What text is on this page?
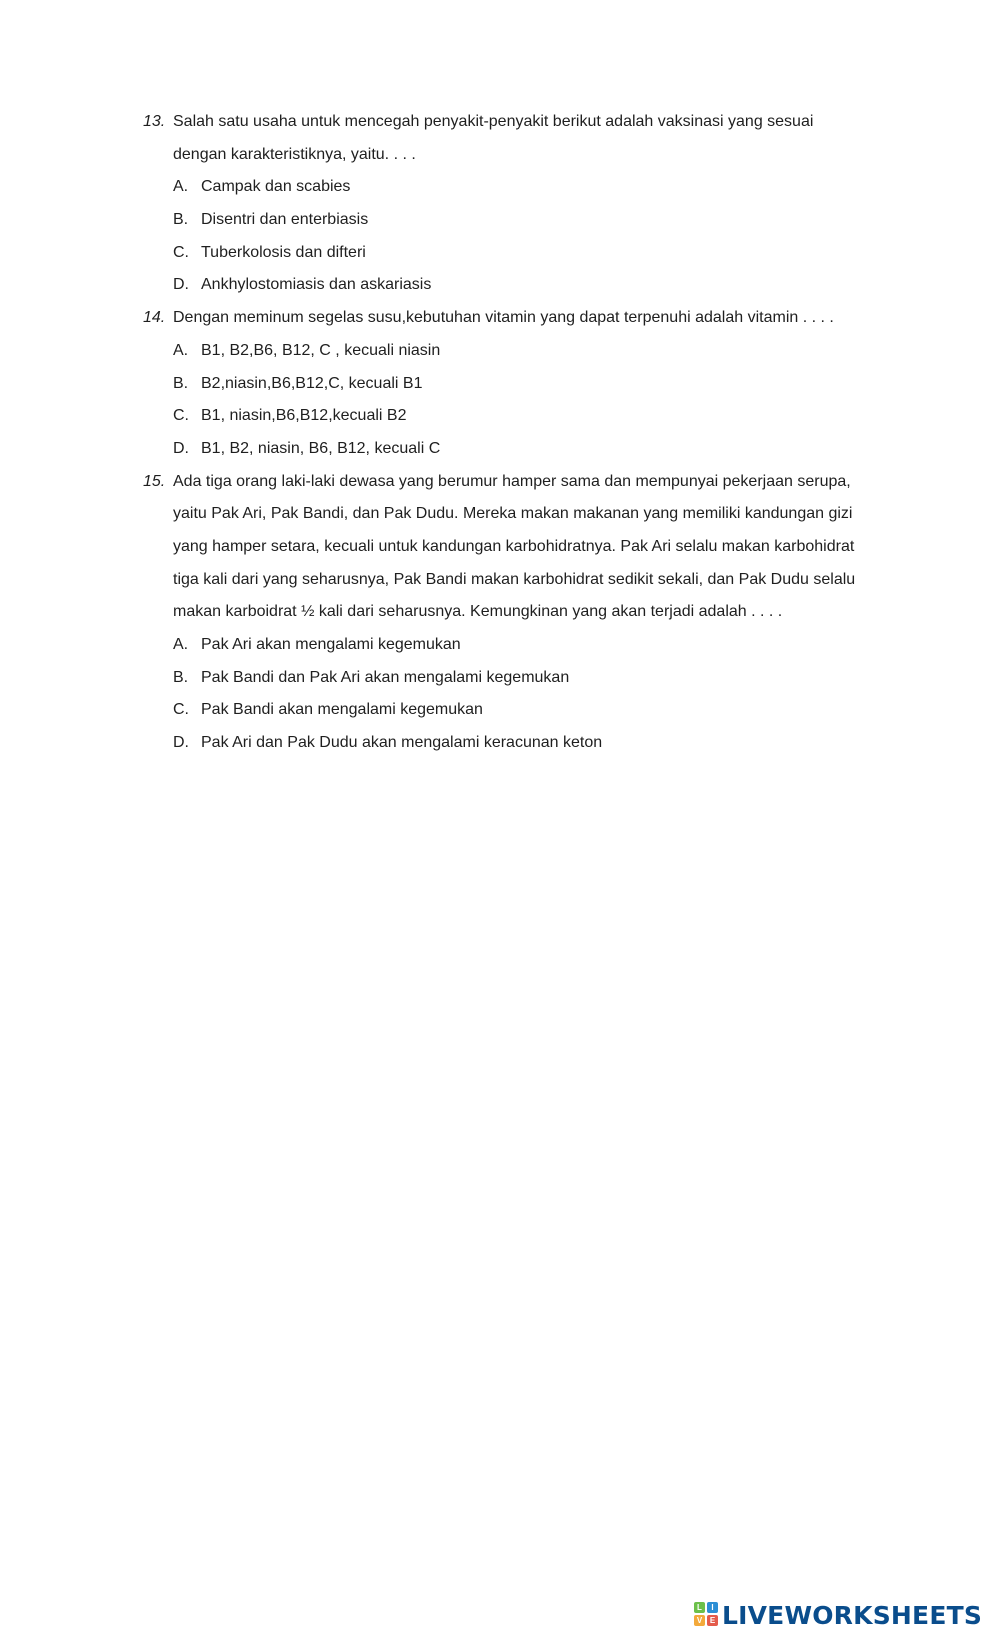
13. Salah satu usaha untuk mencegah penyakit-penyakit berikut adalah vaksinasi yang sesuai
dengan karakteristiknya, yaitu. . . .
A. Campak dan scabies
B. Disentri dan enterbiasis
C. Tuberkolosis dan difteri
D. Ankhylostomiasis dan askariasis
14. Dengan meminum segelas susu,kebutuhan vitamin yang dapat terpenuhi adalah vitamin . . . .
A. B1, B2,B6, B12, C , kecuali niasin
B. B2,niasin,B6,B12,C, kecuali B1
C. B1, niasin,B6,B12,kecuali B2
D. B1, B2, niasin, B6, B12, kecuali C
15. Ada tiga orang laki-laki dewasa yang berumur hamper sama dan mempunyai pekerjaan serupa,
yaitu Pak Ari, Pak Bandi, dan Pak Dudu. Mereka makan makanan yang memiliki kandungan gizi
yang hamper setara, kecuali untuk kandungan karbohidratnya. Pak Ari selalu makan karbohidrat
tiga kali dari yang seharusnya, Pak Bandi makan karbohidrat sedikit sekali, dan Pak Dudu selalu
makan karboidrat ½ kali dari seharusnya. Kemungkinan yang akan terjadi adalah . . . .
A. Pak Ari akan mengalami kegemukan
B. Pak Bandi dan Pak Ari akan mengalami kegemukan
C. Pak Bandi akan mengalami kegemukan
D. Pak Ari dan Pak Dudu akan mengalami keracunan keton
L	I
V E LIVEWORKSHEETS
